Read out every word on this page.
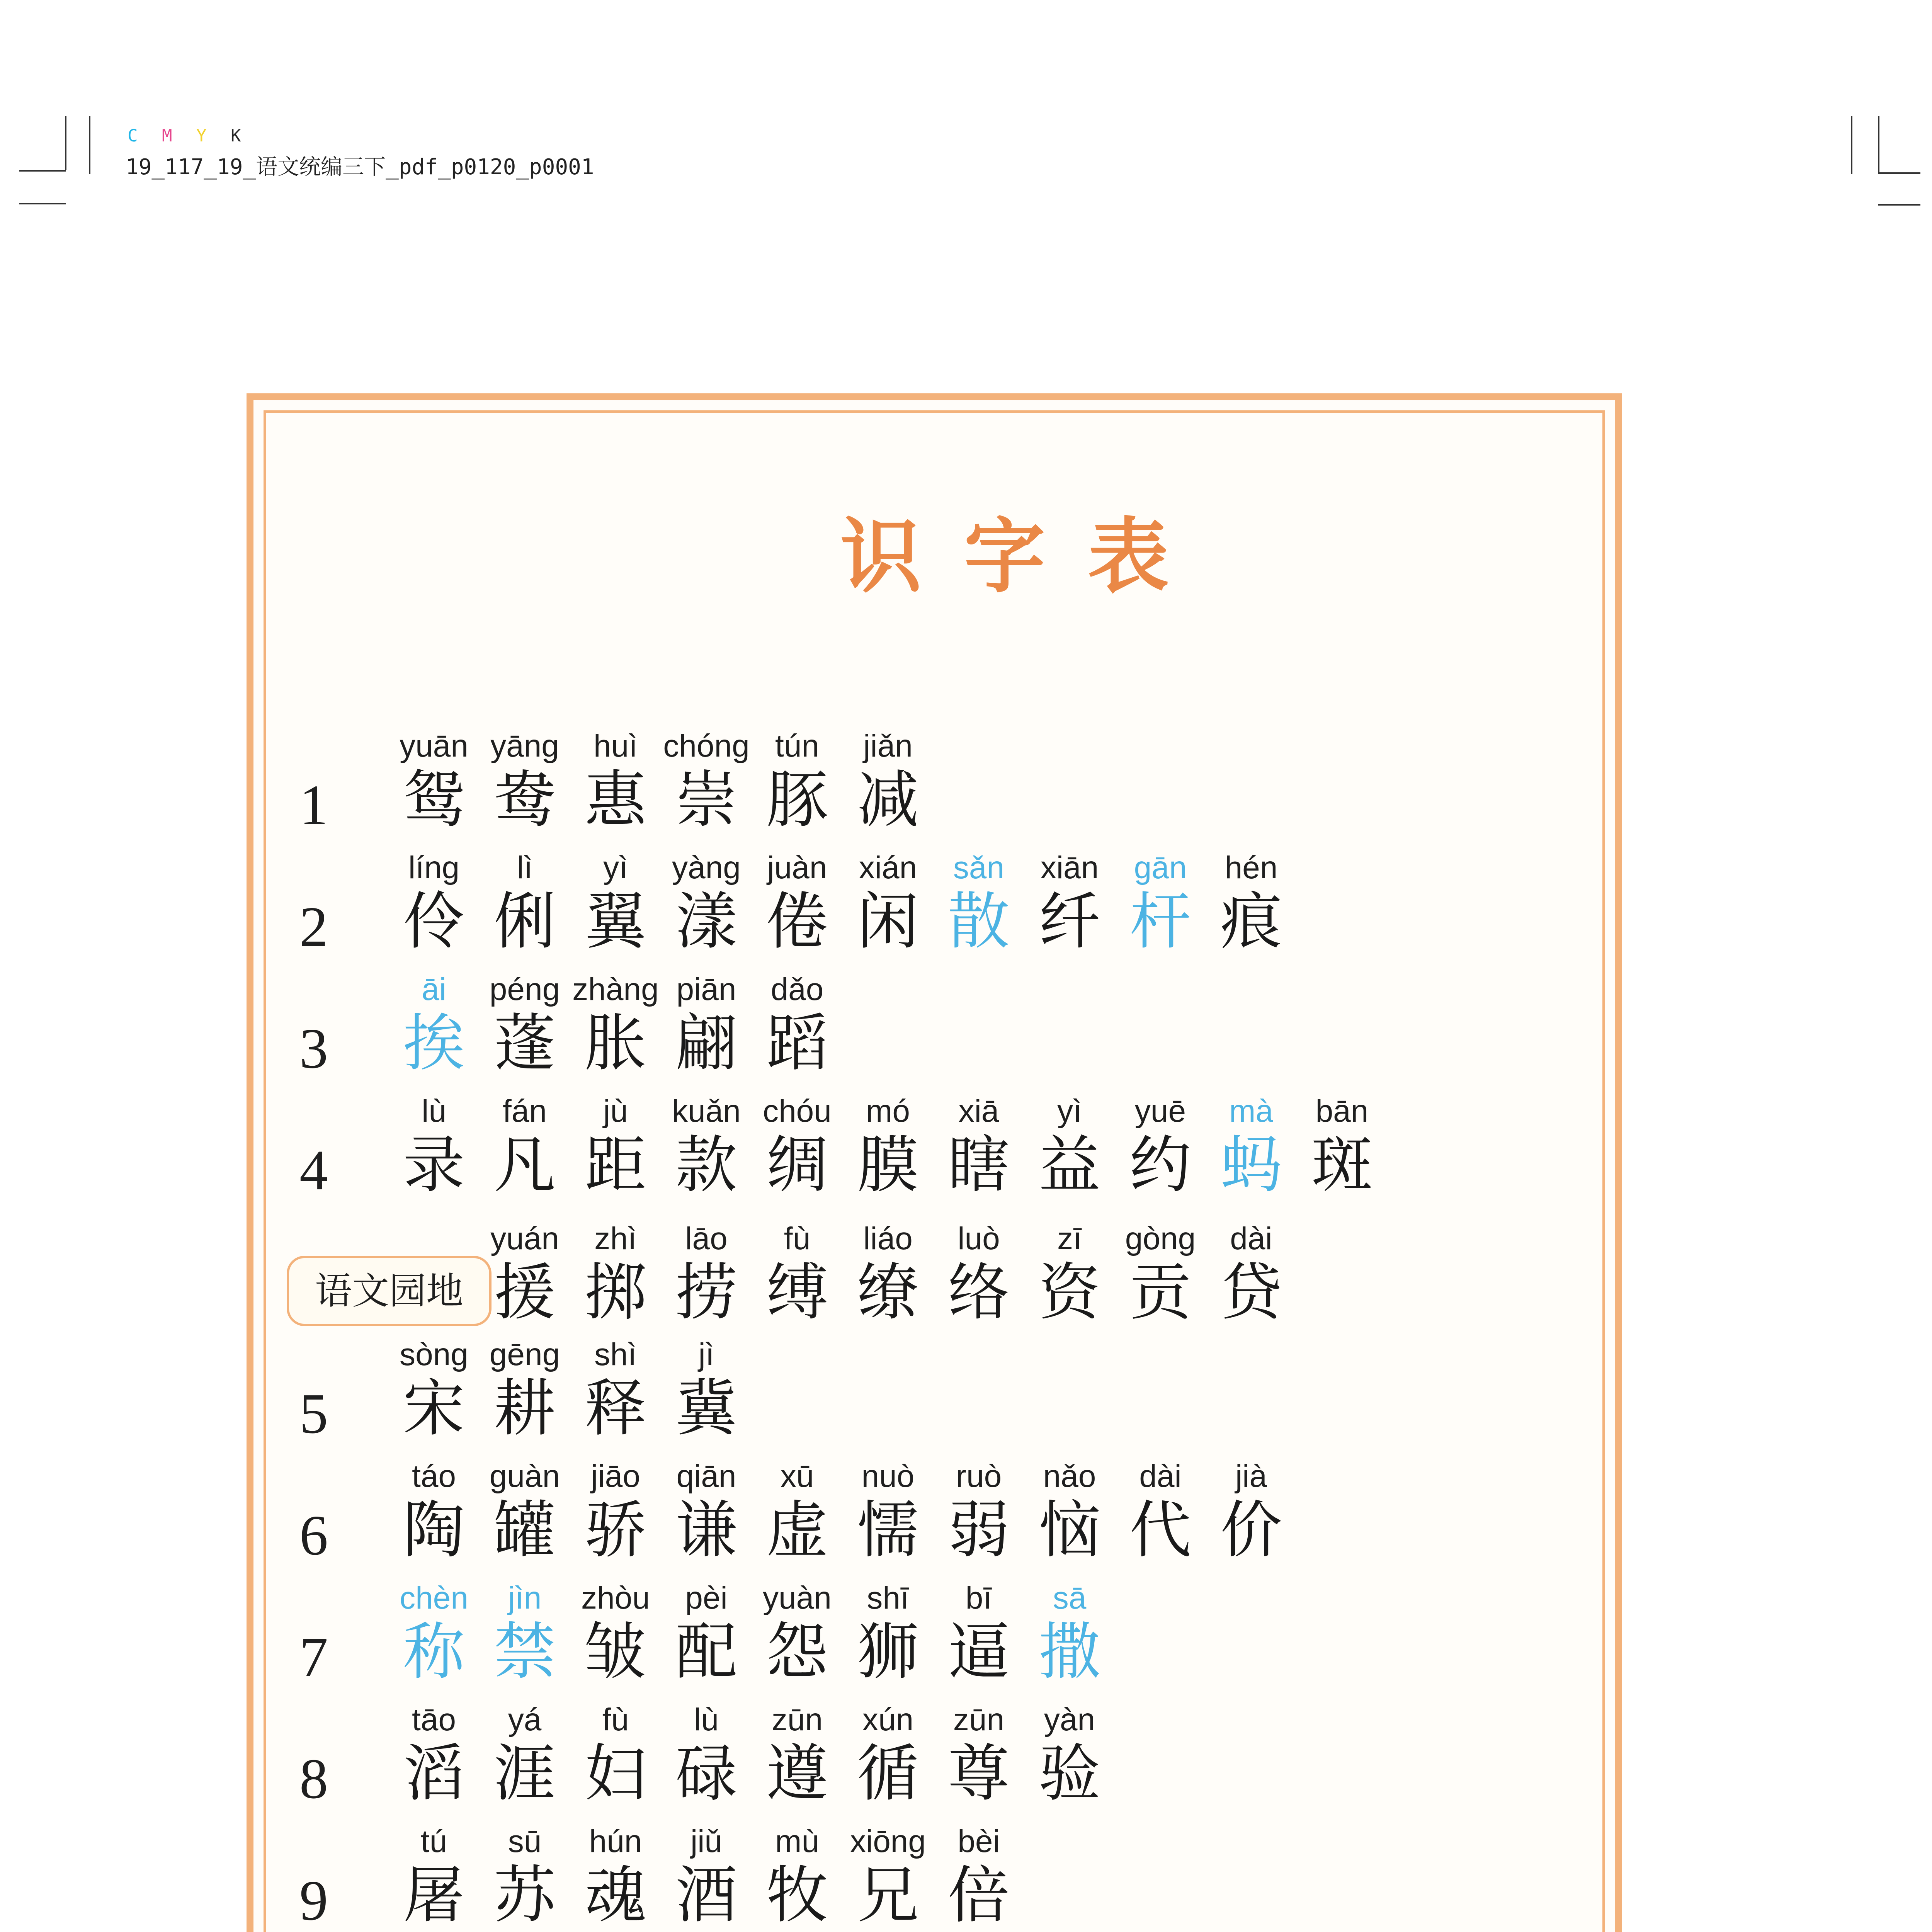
C M Y K
19_117_19_语文统编三下_pdf_p0120_p0001
识字表
1
yuān
鸳
yāng
鸯
huì
惠
chóng
崇
tún
豚
jiǎn
减
2
líng
伶
lì
俐
yì
翼
yàng
漾
juàn
倦
xián
闲
sǎn
散
xiān
纤
gān
杆
hén
痕
3
āi
挨
péng
蓬
zhàng
胀
piān
翩
dǎo
蹈
4
lù
录
fán
凡
jù
距
kuǎn
款
chóu
绸
mó
膜
xiā
瞎
yì
益
yuē
约
mà
蚂
bān
斑
语文园地
yuán
援
zhì
掷
lāo
捞
fù
缚
liáo
缭
luò
络
zī
资
gòng
贡
dài
贷
5
sòng
宋
gēng
耕
shì
释
jì
冀
6
táo
陶
guàn
罐
jiāo
骄
qiān
谦
xū
虚
nuò
懦
ruò
弱
nǎo
恼
dài
代
jià
价
7
chèn
称
jìn
禁
zhòu
皱
pèi
配
yuàn
怨
shī
狮
bī
逼
sā
撒
8
tāo
滔
yá
涯
fù
妇
lù
碌
zūn
遵
xún
循
zūn
尊
yàn
验
9
tú
屠
sū
苏
hún
魂
jiǔ
酒
mù
牧
xiōng
兄
bèi
倍
